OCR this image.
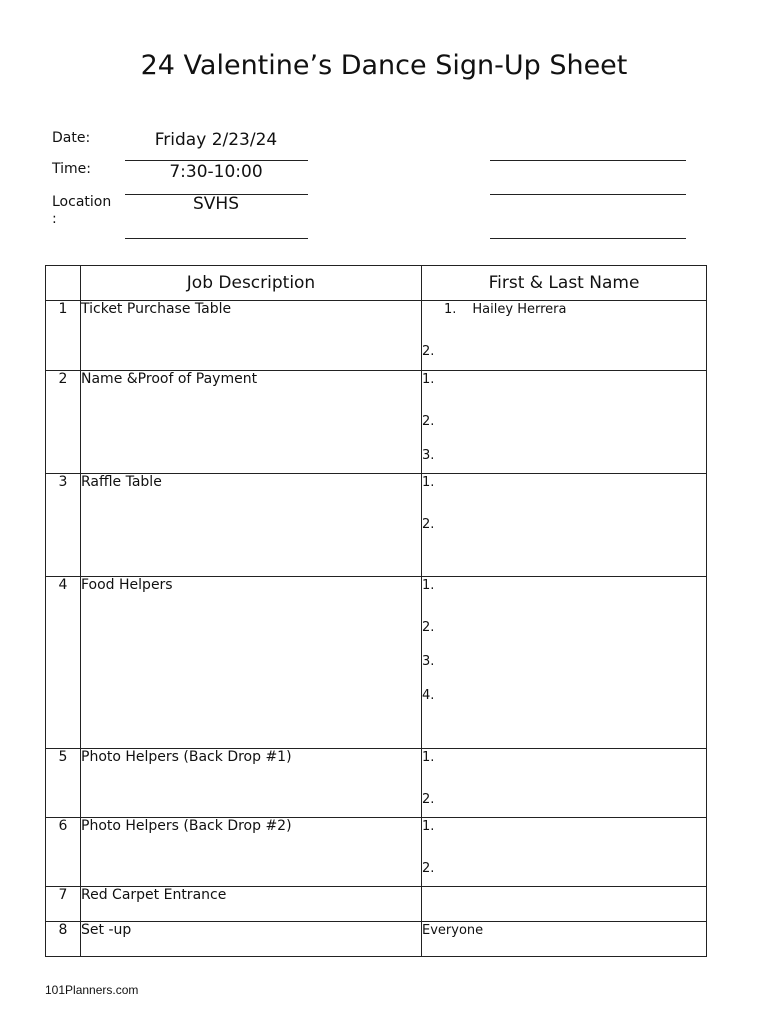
24 Valentine’s Dance Sign-Up Sheet
Date:	Friday 2/23/24
Time:	7:30-10:00
Location
:
SVHS
	Job Description	First & Last Name
1	Ticket Purchase Table	1. Hailey Herrera
2.

2	Name &Proof of Payment	1.
2.
3.

3	Raffle Table	1.
2.

4	Food Helpers	1.
2.
3.
4.

5	Photo Helpers (Back Drop #1)	1.
2.

6	Photo Helpers (Back Drop #2)	1.
2.

7	Red Carpet Entrance	
8	Set -up	Everyone
101Planners.com
